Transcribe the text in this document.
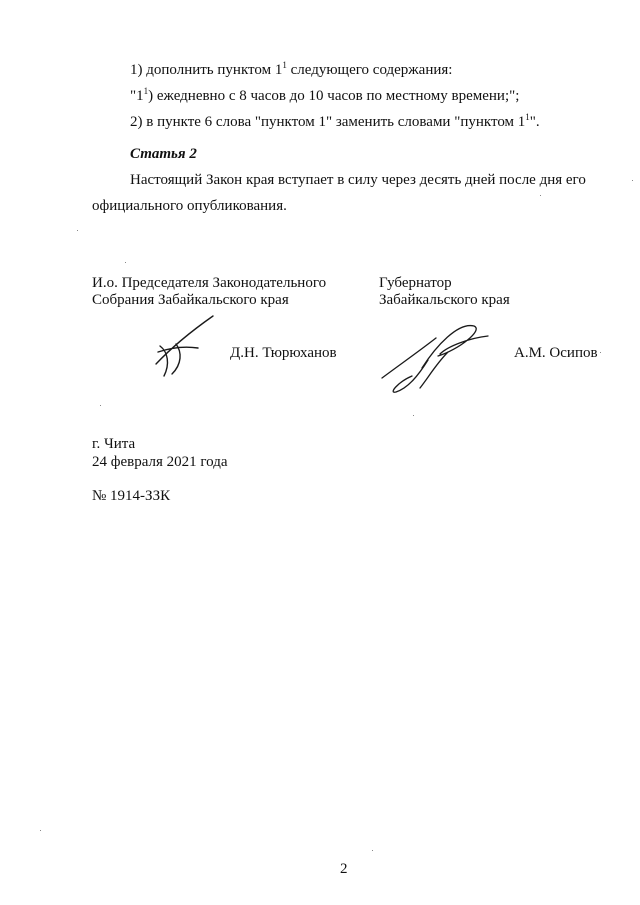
1) дополнить пунктом $1^1$ следующего содержания:
"$1^1$) ежедневно с 8 часов до 10 часов по местному времени;";
2) в пункте 6 слова "пунктом 1" заменить словами "пунктом $1^1$".
Статья 2
Настоящий Закон края вступает в силу через десять дней после дня его
официального опубликования.
И.о. Председателя Законодательного
Собрания Забайкальского края
Губернатор
Забайкальского края
Д.Н. Тюрюханов	А.М. Осипов
г. Чита
24 февраля 2021 года
№ 1914-ЗЗК
2
